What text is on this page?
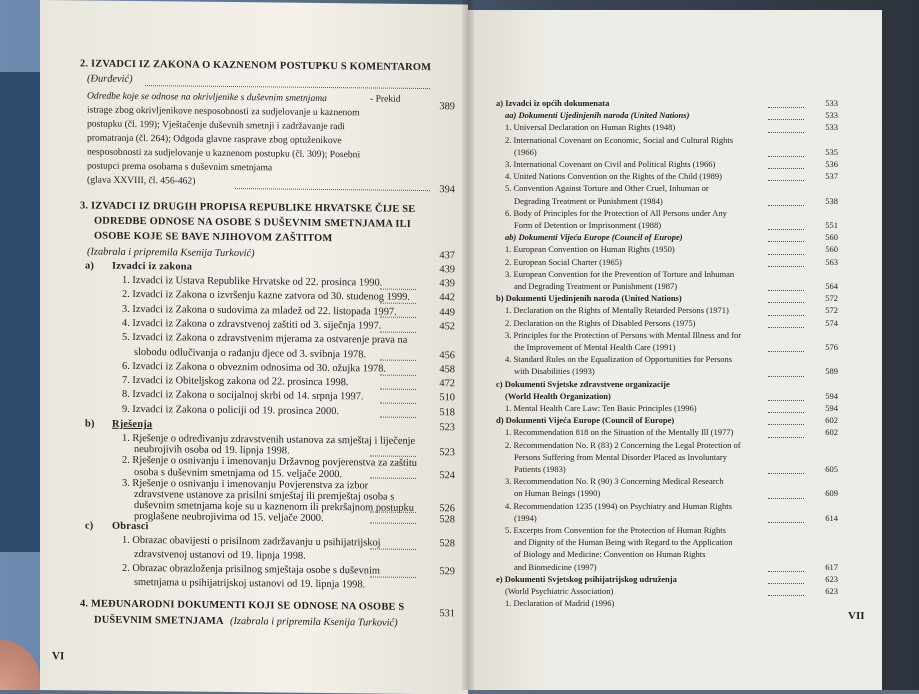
2. IZVADCI IZ ZAKONA O KAZNENOM POSTUPKU S KOMENTAROM
(Đurđević)
Odredbe koje se odnose na okrivljenike s duševnim smetnjama	- Prekid
389
istrage zbog okrivljenikove nesposobnosti za sudjelovanje u kaznenom
postupku (čl. 199); Vještačenje duševnih smetnji i zadržavanje radi
promatranja (čl. 264); Odgoda glavne rasprave zbog optuženikove
nesposobnosti za sudjelovanje u kaznenom postupku (čl. 309); Posebni
postupci prema osobama s duševnim smetnjama
(glava XXVIII, čl. 456-462)
394
3. IZVADCI IZ DRUGIH PROPISA REPUBLIKE HRVATSKE ČIJE SE
ODREDBE ODNOSE NA OSOBE S DUŠEVNIM SMETNJAMA ILI
OSOBE KOJE SE BAVE NJIHOVOM ZAŠTITOM
(Izabrala i pripremila Ksenija Turković)	437
a) Izvadci iz zakona	439
1. Izvadci iz Ustava Republike Hrvatske od 22. prosinca 1990.	439
2. Izvadci iz Zakona o izvršenju kazne zatvora od 30. studenog 1999.	442
3. Izvadci iz Zakona o sudovima za mladež od 22. listopada 1997.	449
4. Izvadci iz Zakona o zdravstvenoj zaštiti od 3. siječnja 1997.	452
5. Izvadci iz Zakona o zdravstvenim mjerama za ostvarenje prava na
slobodu odlučivanja o rađanju djece od 3. svibnja 1978.	456
6. Izvadci iz Zakona o obveznim odnosima od 30. ožujka 1978.	458
7. Izvadci iz Obiteljskog zakona od 22. prosinca 1998.	472
8. Izvadci iz Zakona o socijalnoj skrbi od 14. srpnja 1997.	510
9. Izvadci iz Zakona o policiji od 19. prosinca 2000.	518
b) Rješenja	523
1. Rješenje o određivanju zdravstvenih ustanova za smještaj i liječenje
neubrojivih osoba od 19. lipnja 1998.	523
2. Rješenje o osnivanju i imenovanju Državnog povjerenstva za zaštitu
osoba s duševnim smetnjama od 15. veljače 2000.	524
3. Rješenje o osnivanju i imenovanju Povjerenstva za izbor
zdravstvene ustanove za prisilni smještaj ili premještaj osoba s
duševnim smetnjama koje su u kaznenom ili prekršajnom postupku	526
proglašene neubrojivima od 15. veljače 2000.	528
c) Obrasci
1. Obrazac obavijesti o prisilnom zadržavanju u psihijatrijskoj	528
zdravstvenoj ustanovi od 19. lipnja 1998.
2. Obrazac obrazloženja prisilnog smještaja osobe s duševnim	529
smetnjama u psihijatrijskoj ustanovi od 19. lipnja 1998.
4. MEĐUNARODNI DOKUMENTI KOJI SE ODNOSE NA OSOBE S
DUŠEVNIM SMETNJAMA (Izabrala i pripremila Ksenija Turković)
531
VI
a) Izvadci iz općih dokumenata	533
aa) Dokumenti Ujedinjenih naroda (United Nations)	533
1. Universal Declaration on Human Rights (1948)	533
2. International Covenant on Economic, Social and Cultural Rights
(1966)	535
3. International Covenant on Civil and Political Rights (1966)	536
4. United Nations Convention on the Rights of the Child (1989)	537
5. Convention Against Torture and Other Cruel, Inhuman or
Degrading Treatment or Punishment (1984)	538
6. Body of Principles for the Protection of All Persons under Any
Form of Detention or Imprisonment (1988)	551
ab) Dokumenti Vijeća Europe (Council of Europe)	560
1. European Convention on Human Rights (1950)	560
2. European Social Charter (1965)	563
3. European Convention for the Prevention of Torture and Inhuman
and Degrading Treatment or Punishment (1987)	564
b) Dokumenti Ujedinjenih naroda (United Nations)	572
1. Declaration on the Rights of Mentally Retarded Persons (1971)	572
2. Declaration on the Rights of Disabled Persons (1975)	574
3. Principles for the Protection of Persons with Mental Illness and for
the Improvement of Mental Health Care (1991)	576
4. Standard Rules on the Equalization of Opportunities for Persons
with Disabilities (1993)	589
c) Dokumenti Svjetske zdravstvene organizacije
(World Health Organization)	594
1. Mental Health Care Law: Ten Basic Principles (1996)	594
d) Dokumenti Vijeća Europe (Council of Europe)	602
1. Recommendation 818 on the Situation of the Mentally Ill (1977)	602
2. Recommendation No. R (83) 2 Concerning the Legal Protection of
Persons Suffering from Mental Disorder Placed as Involuntary
Patients (1983)	605
3. Recommendation No. R (90) 3 Concerning Medical Research
on Human Beings (1990)	609
4. Recommendation 1235 (1994) on Psychiatry and Human Rights
(1994)	614
5. Excerpts from Convention for the Protection of Human Rights
and Dignity of the Human Being with Regard to the Application
of Biology and Medicine: Convention on Human Rights
and Biomedicine (1997)	617
e) Dokumenti Svjetskog psihijatrijskog udruženja	623
(World Psychiatric Association)	623
1. Declaration of Madrid (1996)
VII
